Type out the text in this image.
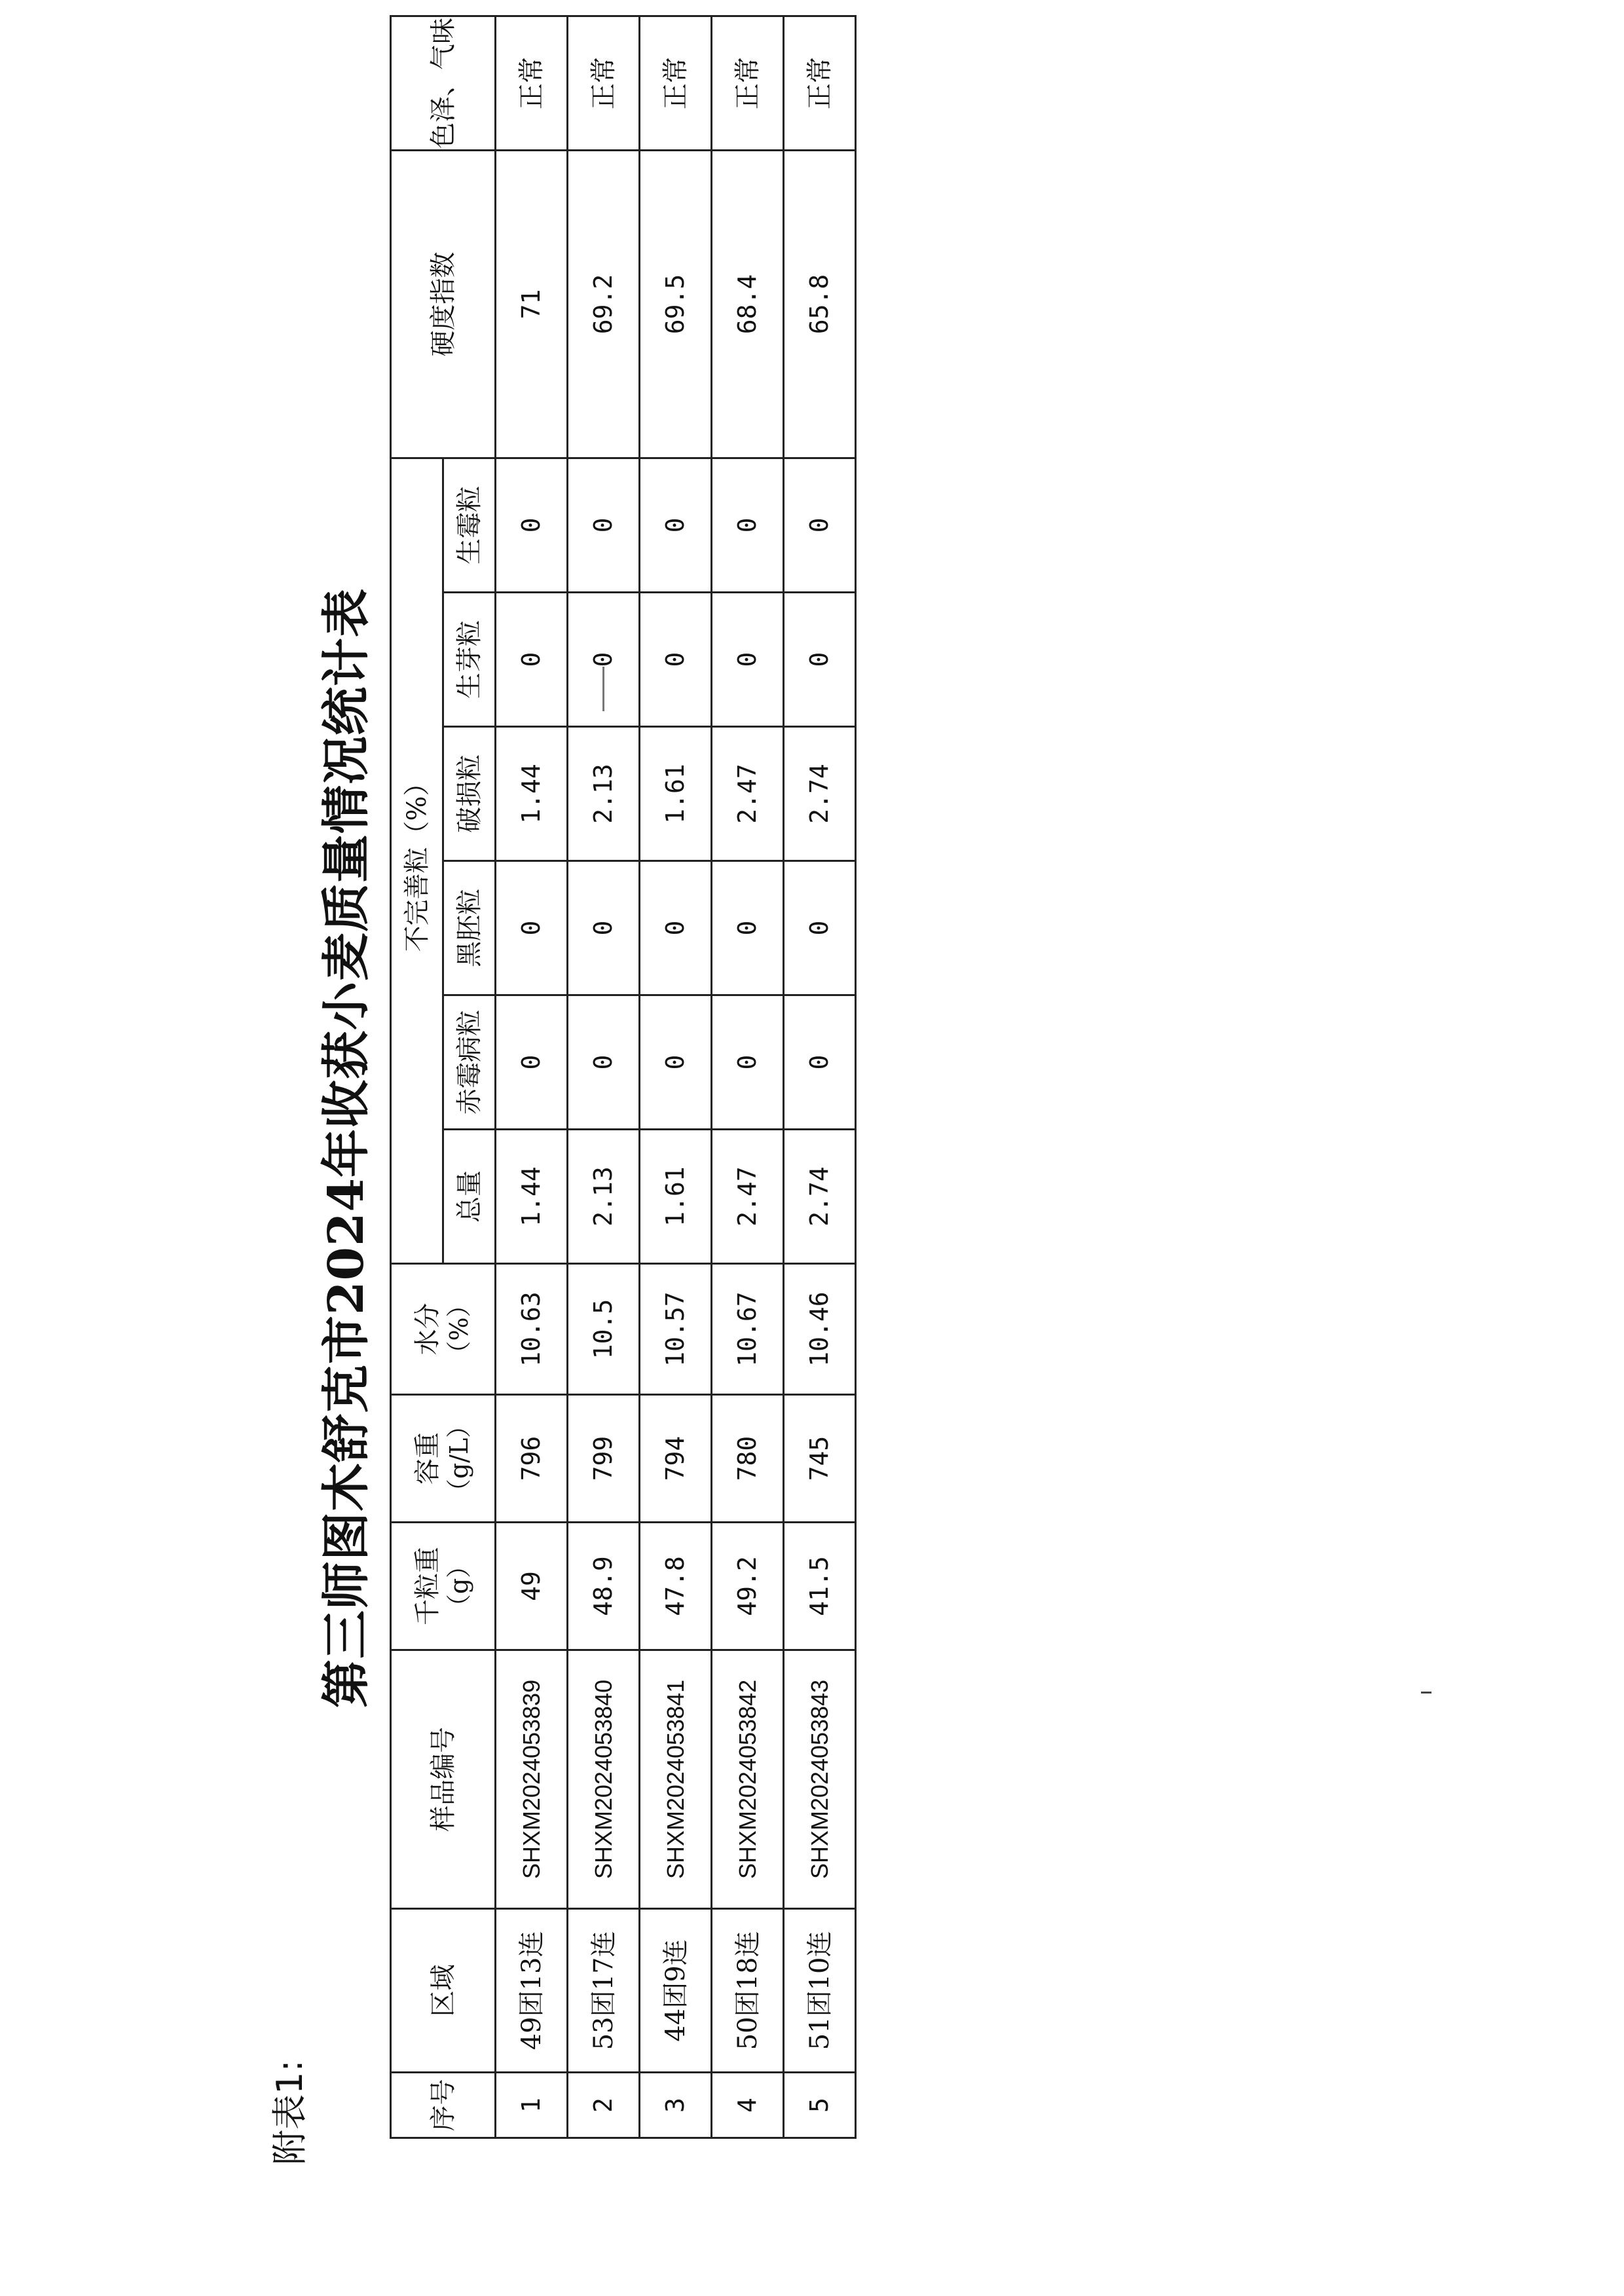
附表1:
第三师图木舒克市2024年收获小麦质量情况统计表
序号	区域	样品编号	千粒重 （g）	容重 （g/L）	水分 （%）	不完善粒（%）						硬度指数	色泽、气味
						总量	赤霉病粒	黑胚粒	破损粒	生芽粒	生霉粒		
1	49团13连	SHXM2024053839	49	796	10.63	1.44	0	0	1.44	0	0	71	正常
2	53团17连	SHXM2024053840	48.9	799	10.5	2.13	0	0	2.13	0	0	69.2	正常
3	44团9连	SHXM2024053841	47.8	794	10.57	1.61	0	0	1.61	0	0	69.5	正常
4	50团18连	SHXM2024053842	49.2	780	10.67	2.47	0	0	2.47	0	0	68.4	正常
5	51团10连	SHXM2024053843	41.5	745	10.46	2.74	0	0	2.74	0	0	65.8	正常
